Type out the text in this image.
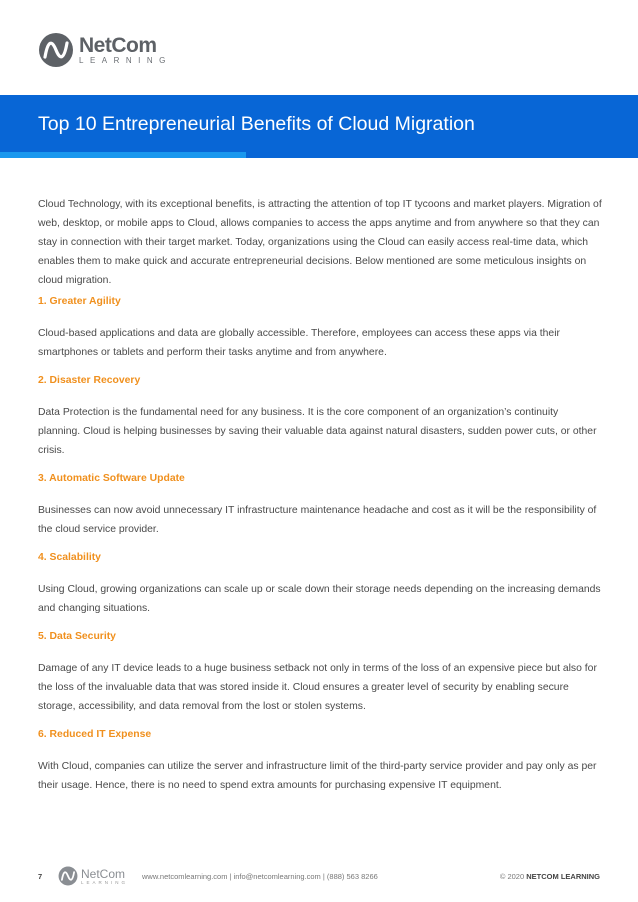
NetCom
LEARNING
Top 10 Entrepreneurial Benefits of Cloud Migration

Cloud Technology, with its exceptional benefits, is attracting the attention of top IT tycoons and market players. Migration of web, desktop, or mobile apps to Cloud, allows companies to access the apps anytime and from anywhere so that they can stay in connection with their target market. Today, organizations using the Cloud can easily access real-time data, which enables them to make quick and accurate entrepreneurial decisions. Below mentioned are some meticulous insights on cloud migration.

1. Greater Agility

Cloud-based applications and data are globally accessible. Therefore, employees can access these apps via their smartphones or tablets and perform their tasks anytime and from anywhere.

2. Disaster Recovery

Data Protection is the fundamental need for any business. It is the core component of an organization’s continuity planning. Cloud is helping businesses by saving their valuable data against natural disasters, sudden power cuts, or other crisis.

3. Automatic Software Update

Businesses can now avoid unnecessary IT infrastructure maintenance headache and cost as it will be the responsibility of the cloud service provider.

4. Scalability

Using Cloud, growing organizations can scale up or scale down their storage needs depending on the increasing demands and changing situations.

5. Data Security

Damage of any IT device leads to a huge business setback not only in terms of the loss of an expensive piece but also for the loss of the invaluable data that was stored inside it. Cloud ensures a greater level of security by enabling secure storage, accessibility, and data removal from the lost or stolen systems.

6. Reduced IT Expense

With Cloud, companies can utilize the server and infrastructure limit of the third-party service provider and pay only as per their usage. Hence, there is no need to spend extra amounts for purchasing expensive IT equipment.

7	NetCom
LEARNING
www.netcomlearning.com | info@netcomlearning.com | (888) 563 8266	© 2020 NETCOM LEARNING
